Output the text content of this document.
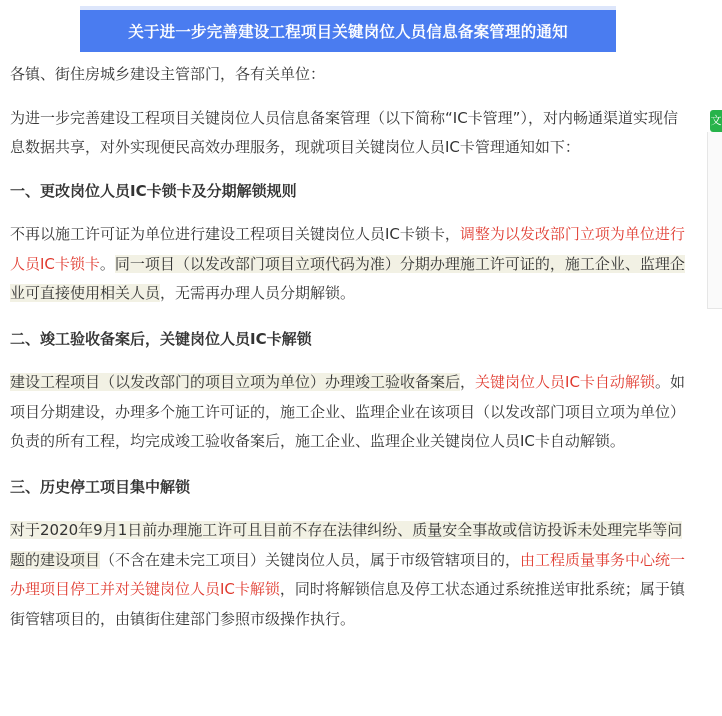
关于进一步完善建设工程项目关键岗位人员信息备案管理的通知
文

各镇、街住房城乡建设主管部门，各有关单位：

为进一步完善建设工程项目关键岗位人员信息备案管理（以下简称“IC卡管理”），对内畅通渠道实现信息数据共享，对外实现便民高效办理服务，现就项目关键岗位人员IC卡管理通知如下：

一、更改岗位人员IC卡锁卡及分期解锁规则

不再以施工许可证为单位进行建设工程项目关键岗位人员IC卡锁卡，调整为以发改部门立项为单位进行人员IC卡锁卡。同一项目（以发改部门项目立项代码为准）分期办理施工许可证的，施工企业、监理企业可直接使用相关人员，无需再办理人员分期解锁。

二、竣工验收备案后，关键岗位人员IC卡解锁

建设工程项目（以发改部门的项目立项为单位）办理竣工验收备案后，关键岗位人员IC卡自动解锁。如项目分期建设，办理多个施工许可证的，施工企业、监理企业在该项目（以发改部门项目立项为单位）负责的所有工程，均完成竣工验收备案后，施工企业、监理企业关键岗位人员IC卡自动解锁。

三、历史停工项目集中解锁

对于2020年9月1日前办理施工许可且目前不存在法律纠纷、质量安全事故或信访投诉未处理完毕等问题的建设项目（不含在建未完工项目）关键岗位人员，属于市级管辖项目的，由工程质量事务中心统一办理项目停工并对关键岗位人员IC卡解锁，同时将解锁信息及停工状态通过系统推送审批系统；属于镇街管辖项目的，由镇街住建部门参照市级操作执行。
